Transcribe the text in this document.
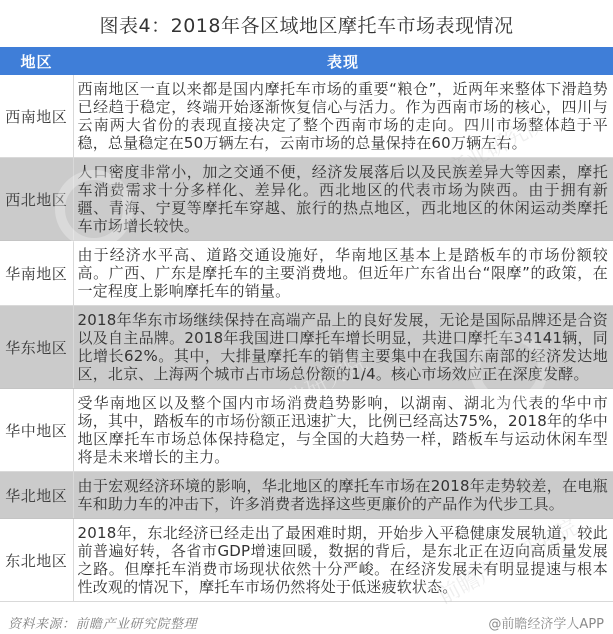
图表4：2018年各区域地区摩托车市场表现情况
地区	表现
西南地区	西南地区一直以来都是国内摩托车市场的重要“粮仓”，近两年来整体下滑趋势已经趋于稳定，终端开始逐渐恢复信心与活力。作为西南市场的核心，四川与云南两大省份的表现直接决定了整个西南市场的走向。四川市场整体趋于平稳，总量稳定在50万辆左右，云南市场的总量保持在60万辆左右。
西北地区	人口密度非常小，加之交通不便，经济发展落后以及民族差异大等因素，摩托车消费需求十分多样化、差异化。西北地区的代表市场为陕西。由于拥有新疆、青海、宁夏等摩托车穿越、旅行的热点地区，西北地区的休闲运动类摩托车市场增长较快。
华南地区	由于经济水平高、道路交通设施好，华南地区基本上是踏板车的市场份额较高。广西、广东是摩托车的主要消费地。但近年广东省出台“限摩”的政策，在一定程度上影响摩托车的销量。
华东地区	2018年华东市场继续保持在高端产品上的良好发展，无论是国际品牌还是合资以及自主品牌。2018年我国进口摩托车增长明显，共进口摩托车34141辆，同比增长62%。其中，大排量摩托车的销售主要集中在我国东南部的经济发达地区，北京、上海两个城市占市场总份额的1/4。核心市场效应正在深度发酵。
华中地区	受华南地区以及整个国内市场消费趋势影响，以湖南、湖北为代表的华中市场，其中，踏板车的市场份额正迅速扩大，比例已经高达75%，2018年的华中地区摩托车市场总体保持稳定，与全国的大趋势一样，踏板车与运动休闲车型将是未来增长的主力。
华北地区	由于宏观经济环境的影响，华北地区的摩托车市场在2018年走势较差，在电瓶车和助力车的冲击下，许多消费者选择这些更廉价的产品作为代步工具。
东北地区	2018年，东北经济已经走出了最困难时期，开始步入平稳健康发展轨道，较此前普遍好转，各省市GDP增速回暖，数据的背后，是东北正在迈向高质量发展之路。但摩托车消费市场现状依然十分严峻。在经济发展未有明显提速与根本性改观的情况下，摩托车市场仍然将处于低迷疲软状态。
资料来源：前瞻产业研究院整理	@前瞻经济学人APP
前瞻产业研究院
前瞻产业研究院
前瞻产业研究院
